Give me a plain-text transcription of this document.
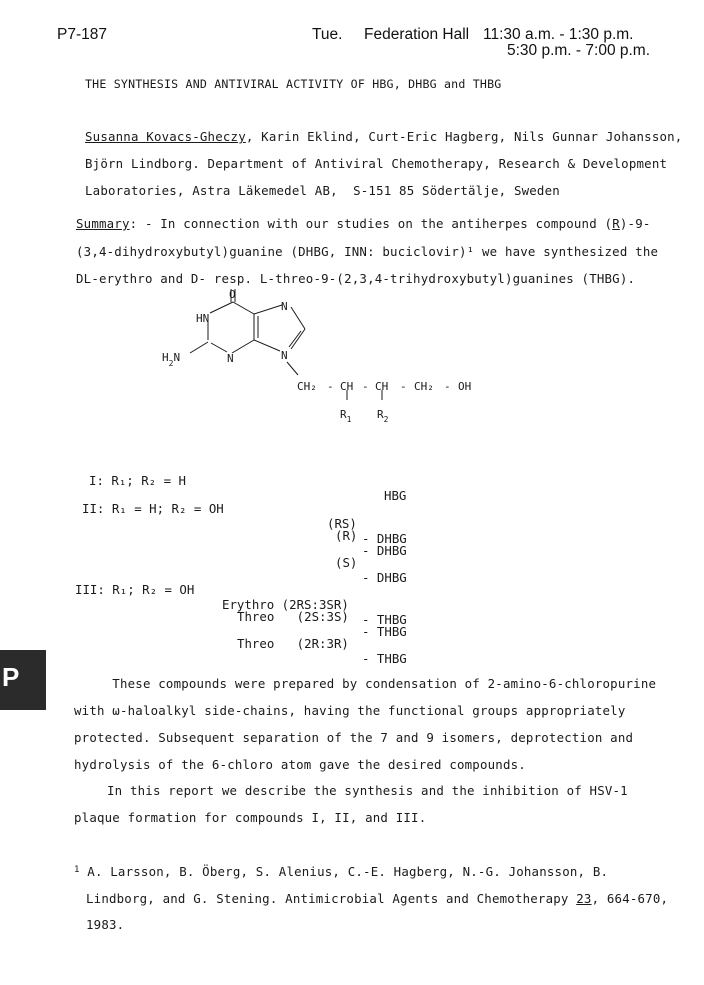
P7-187	Tue. Federation Hall 11:30 a.m. - 1:30 p.m.
5:30 p.m. - 7:00 p.m.
THE SYNTHESIS AND ANTIVIRAL ACTIVITY OF HBG, DHBG and THBG
Susanna Kovacs-Gheczy, Karin Eklind, Curt-Eric Hagberg, Nils Gunnar Johansson,
Björn Lindborg. Department of Antiviral Chemotherapy, Research & Development
Laboratories, Astra Läkemedel AB,  S-151 85 Södertälje, Sweden
Summary: - In connection with our studies on the antiherpes compound (R)-9-
(3,4-dihydroxybutyl)guanine (DHBG, INN: buciclovir)¹ we have synthesized the
DL-erythro and D- resp. L-threo-9-(2,3,4-trihydroxybutyl)guanines (THBG).
O
HN
N
N
N
$H_2N$
CH₂ - CH - CH - CH₂ - OH
$R_1$ $R_2$

I: R₁; R₂ = H

HBG

II: R₁ = H; R₂ = OH

(RS)

- DHBG

(R)

- DHBG

(S)

- DHBG

III: R₁; R₂ = OH

Erythro (2RS:3SR)

- THBG

Threo   (2S:3S)

- THBG

Threo   (2R:3R)

- THBG

P	These compounds were prepared by condensation of 2-amino-6-chloropurine
with ω-haloalkyl side-chains, having the functional groups appropriately
protected. Subsequent separation of the 7 and 9 isomers, deprotection and
hydrolysis of the 6-chloro atom gave the desired compounds.
In this report we describe the synthesis and the inhibition of HSV-1
plaque formation for compounds I, II, and III.
$^1$ A. Larsson, B. Öberg, S. Alenius, C.-E. Hagberg, N.-G. Johansson, B.
Lindborg, and G. Stening. Antimicrobial Agents and Chemotherapy 23, 664-670,
1983.
